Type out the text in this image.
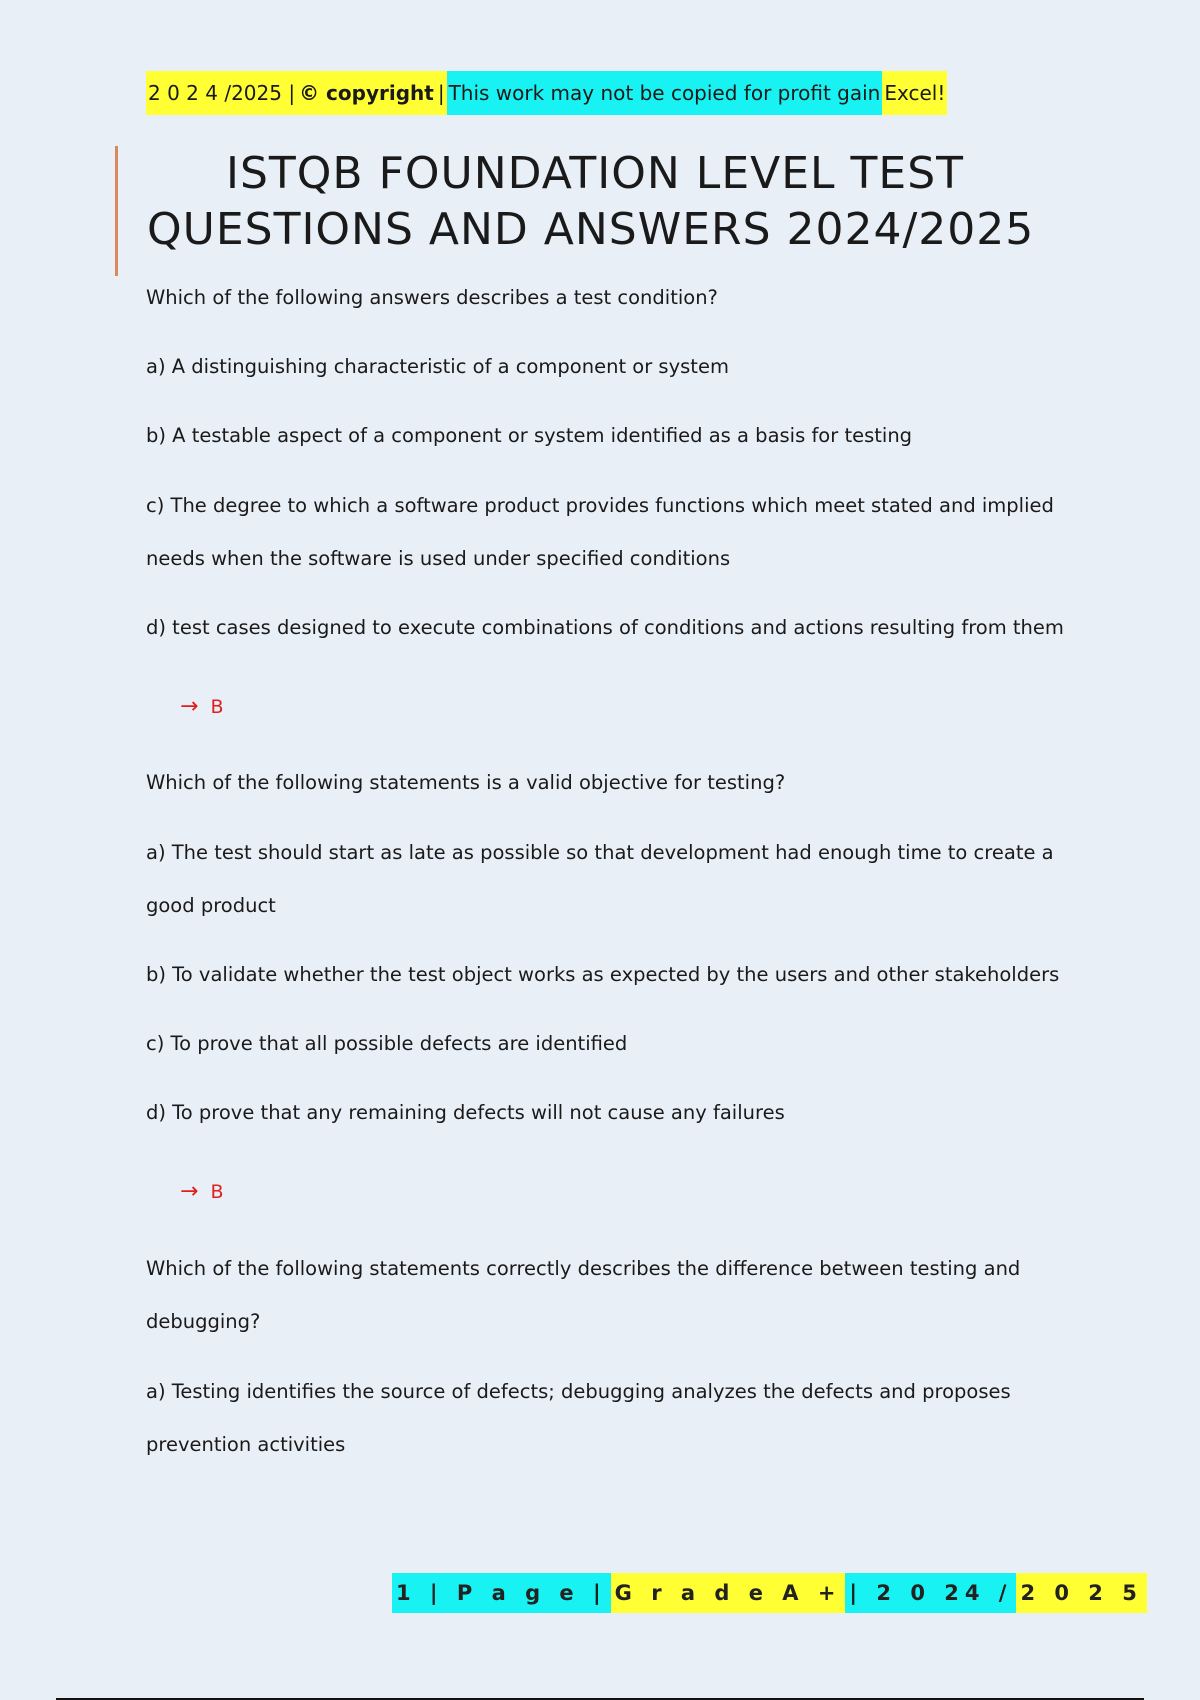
2 0 2 4 /2025 | © copyright | This work may not be copied for profit gain Excel!

ISTQB FOUNDATION LEVEL TEST

QUESTIONS AND ANSWERS 2024/2025

Which of the following answers describes a test condition?

a) A distinguishing characteristic of a component or system

b) A testable aspect of a component or system identified as a basis for testing

c) The degree to which a software product provides functions which meet stated and implied needs when the software is used under specified conditions

d) test cases designed to execute combinations of conditions and actions resulting from them

→ B

Which of the following statements is a valid objective for testing?

a) The test should start as late as possible so that development had enough time to create a good product

b) To validate whether the test object works as expected by the users and other stakeholders

c) To prove that all possible defects are identified

d) To prove that any remaining defects will not cause any failures

→ B

Which of the following statements correctly describes the difference between testing and debugging?

a) Testing identifies the source of defects; debugging analyzes the defects and proposes prevention activities

1 | P a g e | G r a d e A + | 2 0 24 / 2 0 2 5
